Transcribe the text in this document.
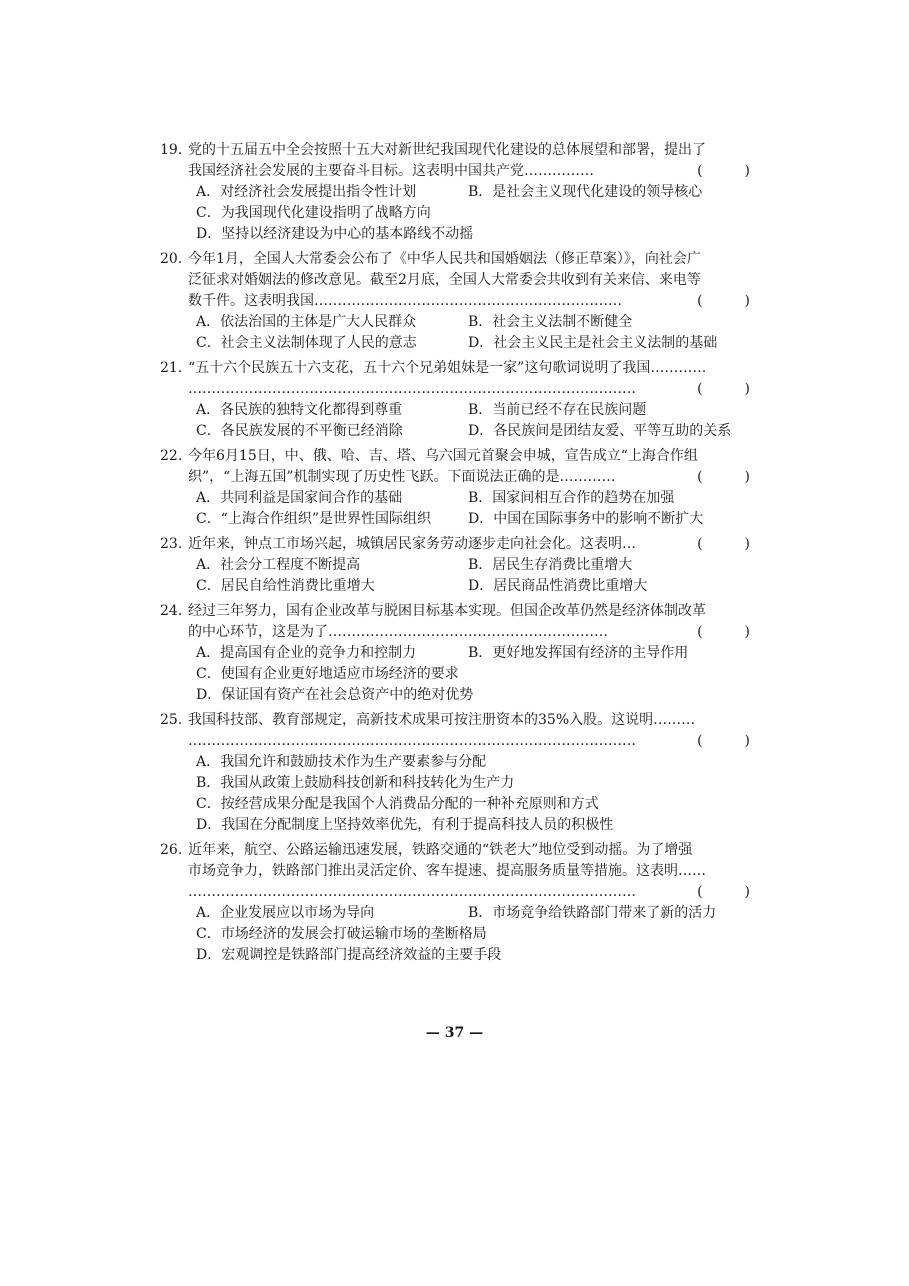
19. 党的十五届五中全会按照十五大对新世纪我国现代化建设的总体展望和部署，提出了
我国经济社会发展的主要奋斗目标。这表明中国共产党……………	(　　　)
A．对经济社会发展提出指令性计划	B．是社会主义现代化建设的领导核心
C．为我国现代化建设指明了战略方向
D．坚持以经济建设为中心的基本路线不动摇
20. 今年1月，全国人大常委会公布了《中华人民共和国婚姻法（修正草案）》，向社会广
泛征求对婚姻法的修改意见。截至2月底，全国人大常委会共收到有关来信、来电等
数千件。这表明我国…………………………………………………………	(　　　)
A．依法治国的主体是广大人民群众	B．社会主义法制不断健全
C．社会主义法制体现了人民的意志	D．社会主义民主是社会主义法制的基础
21. “五十六个民族五十六支花，五十六个兄弟姐妹是一家”这句歌词说明了我国…………
……………………………………………………………………………………	(　　　)
A．各民族的独特文化都得到尊重	B．当前已经不存在民族问题
C．各民族发展的不平衡已经消除	D．各民族间是团结友爱、平等互助的关系
22. 今年6月15日，中、俄、哈、吉、塔、乌六国元首聚会申城，宣告成立“上海合作组
织”，“上海五国”机制实现了历史性飞跃。下面说法正确的是…………	(　　　)
A．共同利益是国家间合作的基础	B．国家间相互合作的趋势在加强
C．“上海合作组织”是世界性国际组织	D．中国在国际事务中的影响不断扩大
23. 近年来，钟点工市场兴起，城镇居民家务劳动逐步走向社会化。这表明…	(　　　)
A．社会分工程度不断提高	B．居民生存消费比重增大
C．居民自给性消费比重增大	D．居民商品性消费比重增大
24. 经过三年努力，国有企业改革与脱困目标基本实现。但国企改革仍然是经济体制改革
的中心环节，这是为了……………………………………………………	(　　　)
A．提高国有企业的竞争力和控制力	B．更好地发挥国有经济的主导作用
C．使国有企业更好地适应市场经济的要求
D．保证国有资产在社会总资产中的绝对优势
25. 我国科技部、教育部规定，高新技术成果可按注册资本的35%入股。这说明………
……………………………………………………………………………………	(　　　)
A．我国允许和鼓励技术作为生产要素参与分配
B．我国从政策上鼓励科技创新和科技转化为生产力
C．按经营成果分配是我国个人消费品分配的一种补充原则和方式
D．我国在分配制度上坚持效率优先，有利于提高科技人员的积极性
26. 近年来，航空、公路运输迅速发展，铁路交通的“铁老大”地位受到动摇。为了增强
市场竞争力，铁路部门推出灵活定价、客车提速、提高服务质量等措施。这表明……
……………………………………………………………………………………	(　　　)
A．企业发展应以市场为导向	B．市场竞争给铁路部门带来了新的活力
C．市场经济的发展会打破运输市场的垄断格局
D．宏观调控是铁路部门提高经济效益的主要手段
— 37 —
